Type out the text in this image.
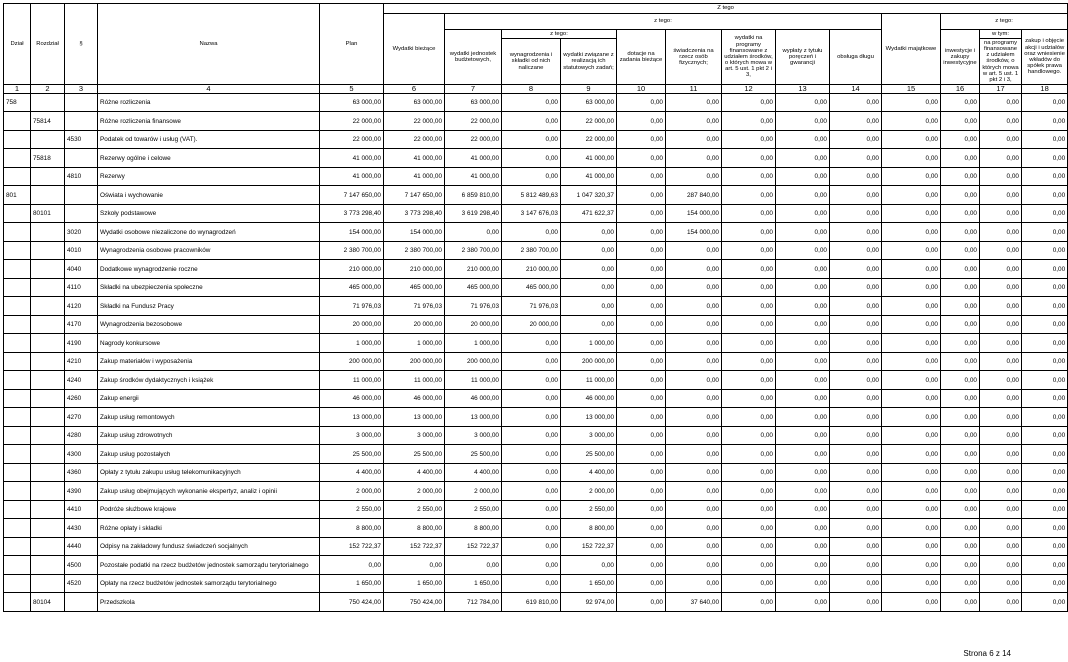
Dział	Rozdział	§	Nazwa	Plan	Z tego												
					Wydatki bieżące	z tego:								Wydatki majątkowe	z tego:		
						wydatki jednostek budżetowych,	z tego:		dotacje na zadania bieżące	świadczenia na rzecz osób fizycznych;	wydatki na programy finansowane z udziałem środków, o których mowa w art. 5 ust. 1 pkt 2 i 3,	wypłaty z tytułu poręczeń i gwarancji	obsługa długu		inwestycje i zakupy inwestycyjne	w tym:	zakup i objęcie akcji i udziałów oraz wniesienie wkładów do spółek prawa handlowego.
							wynagrodzenia i składki od nich naliczane	wydatki związane z realizacją ich statutowych zadań;								na programy finansowane z udziałem środków, o których mowa w art. 5 ust. 1 pkt 2 i 3,	
1	2	3	4	5	6	7	8	9	10	11	12	13	14	15	16	17	18
758			Różne rozliczenia	63 000,00	63 000,00	63 000,00	0,00	63 000,00	0,00	0,00	0,00	0,00	0,00	0,00	0,00	0,00	0,00
	75814		Różne rozliczenia finansowe	22 000,00	22 000,00	22 000,00	0,00	22 000,00	0,00	0,00	0,00	0,00	0,00	0,00	0,00	0,00	0,00
		4530	Podatek od towarów i usług (VAT).	22 000,00	22 000,00	22 000,00	0,00	22 000,00	0,00	0,00	0,00	0,00	0,00	0,00	0,00	0,00	0,00
	75818		Rezerwy ogólne i celowe	41 000,00	41 000,00	41 000,00	0,00	41 000,00	0,00	0,00	0,00	0,00	0,00	0,00	0,00	0,00	0,00
		4810	Rezerwy	41 000,00	41 000,00	41 000,00	0,00	41 000,00	0,00	0,00	0,00	0,00	0,00	0,00	0,00	0,00	0,00
801			Oświata i wychowanie	7 147 650,00	7 147 650,00	6 859 810,00	5 812 489,63	1 047 320,37	0,00	287 840,00	0,00	0,00	0,00	0,00	0,00	0,00	0,00
	80101		Szkoły podstawowe	3 773 298,40	3 773 298,40	3 619 298,40	3 147 676,03	471 622,37	0,00	154 000,00	0,00	0,00	0,00	0,00	0,00	0,00	0,00
		3020	Wydatki osobowe niezaliczone do wynagrodzeń	154 000,00	154 000,00	0,00	0,00	0,00	0,00	154 000,00	0,00	0,00	0,00	0,00	0,00	0,00	0,00
		4010	Wynagrodzenia osobowe pracowników	2 380 700,00	2 380 700,00	2 380 700,00	2 380 700,00	0,00	0,00	0,00	0,00	0,00	0,00	0,00	0,00	0,00	0,00
		4040	Dodatkowe wynagrodzenie roczne	210 000,00	210 000,00	210 000,00	210 000,00	0,00	0,00	0,00	0,00	0,00	0,00	0,00	0,00	0,00	0,00
		4110	Składki na ubezpieczenia społeczne	465 000,00	465 000,00	465 000,00	465 000,00	0,00	0,00	0,00	0,00	0,00	0,00	0,00	0,00	0,00	0,00
		4120	Składki na Fundusz Pracy	71 976,03	71 976,03	71 976,03	71 976,03	0,00	0,00	0,00	0,00	0,00	0,00	0,00	0,00	0,00	0,00
		4170	Wynagrodzenia bezosobowe	20 000,00	20 000,00	20 000,00	20 000,00	0,00	0,00	0,00	0,00	0,00	0,00	0,00	0,00	0,00	0,00
		4190	Nagrody konkursowe	1 000,00	1 000,00	1 000,00	0,00	1 000,00	0,00	0,00	0,00	0,00	0,00	0,00	0,00	0,00	0,00
		4210	Zakup materiałów i wyposażenia	200 000,00	200 000,00	200 000,00	0,00	200 000,00	0,00	0,00	0,00	0,00	0,00	0,00	0,00	0,00	0,00
		4240	Zakup środków dydaktycznych i książek	11 000,00	11 000,00	11 000,00	0,00	11 000,00	0,00	0,00	0,00	0,00	0,00	0,00	0,00	0,00	0,00
		4260	Zakup energii	46 000,00	46 000,00	46 000,00	0,00	46 000,00	0,00	0,00	0,00	0,00	0,00	0,00	0,00	0,00	0,00
		4270	Zakup usług remontowych	13 000,00	13 000,00	13 000,00	0,00	13 000,00	0,00	0,00	0,00	0,00	0,00	0,00	0,00	0,00	0,00
		4280	Zakup usług zdrowotnych	3 000,00	3 000,00	3 000,00	0,00	3 000,00	0,00	0,00	0,00	0,00	0,00	0,00	0,00	0,00	0,00
		4300	Zakup usług pozostałych	25 500,00	25 500,00	25 500,00	0,00	25 500,00	0,00	0,00	0,00	0,00	0,00	0,00	0,00	0,00	0,00
		4360	Opłaty z tytułu zakupu usług telekomunikacyjnych	4 400,00	4 400,00	4 400,00	0,00	4 400,00	0,00	0,00	0,00	0,00	0,00	0,00	0,00	0,00	0,00
		4390	Zakup usług obejmujących wykonanie ekspertyz, analiz i opinii	2 000,00	2 000,00	2 000,00	0,00	2 000,00	0,00	0,00	0,00	0,00	0,00	0,00	0,00	0,00	0,00
		4410	Podróże służbowe krajowe	2 550,00	2 550,00	2 550,00	0,00	2 550,00	0,00	0,00	0,00	0,00	0,00	0,00	0,00	0,00	0,00
		4430	Różne opłaty i składki	8 800,00	8 800,00	8 800,00	0,00	8 800,00	0,00	0,00	0,00	0,00	0,00	0,00	0,00	0,00	0,00
		4440	Odpisy na zakładowy fundusz świadczeń socjalnych	152 722,37	152 722,37	152 722,37	0,00	152 722,37	0,00	0,00	0,00	0,00	0,00	0,00	0,00	0,00	0,00
		4500	Pozostałe podatki na rzecz budżetów jednostek samorządu terytorialnego	0,00	0,00	0,00	0,00	0,00	0,00	0,00	0,00	0,00	0,00	0,00	0,00	0,00	0,00
		4520	Opłaty na rzecz budżetów jednostek samorządu terytorialnego	1 650,00	1 650,00	1 650,00	0,00	1 650,00	0,00	0,00	0,00	0,00	0,00	0,00	0,00	0,00	0,00
	80104		Przedszkola	750 424,00	750 424,00	712 784,00	619 810,00	92 974,00	0,00	37 640,00	0,00	0,00	0,00	0,00	0,00	0,00	0,00
Strona 6 z 14
